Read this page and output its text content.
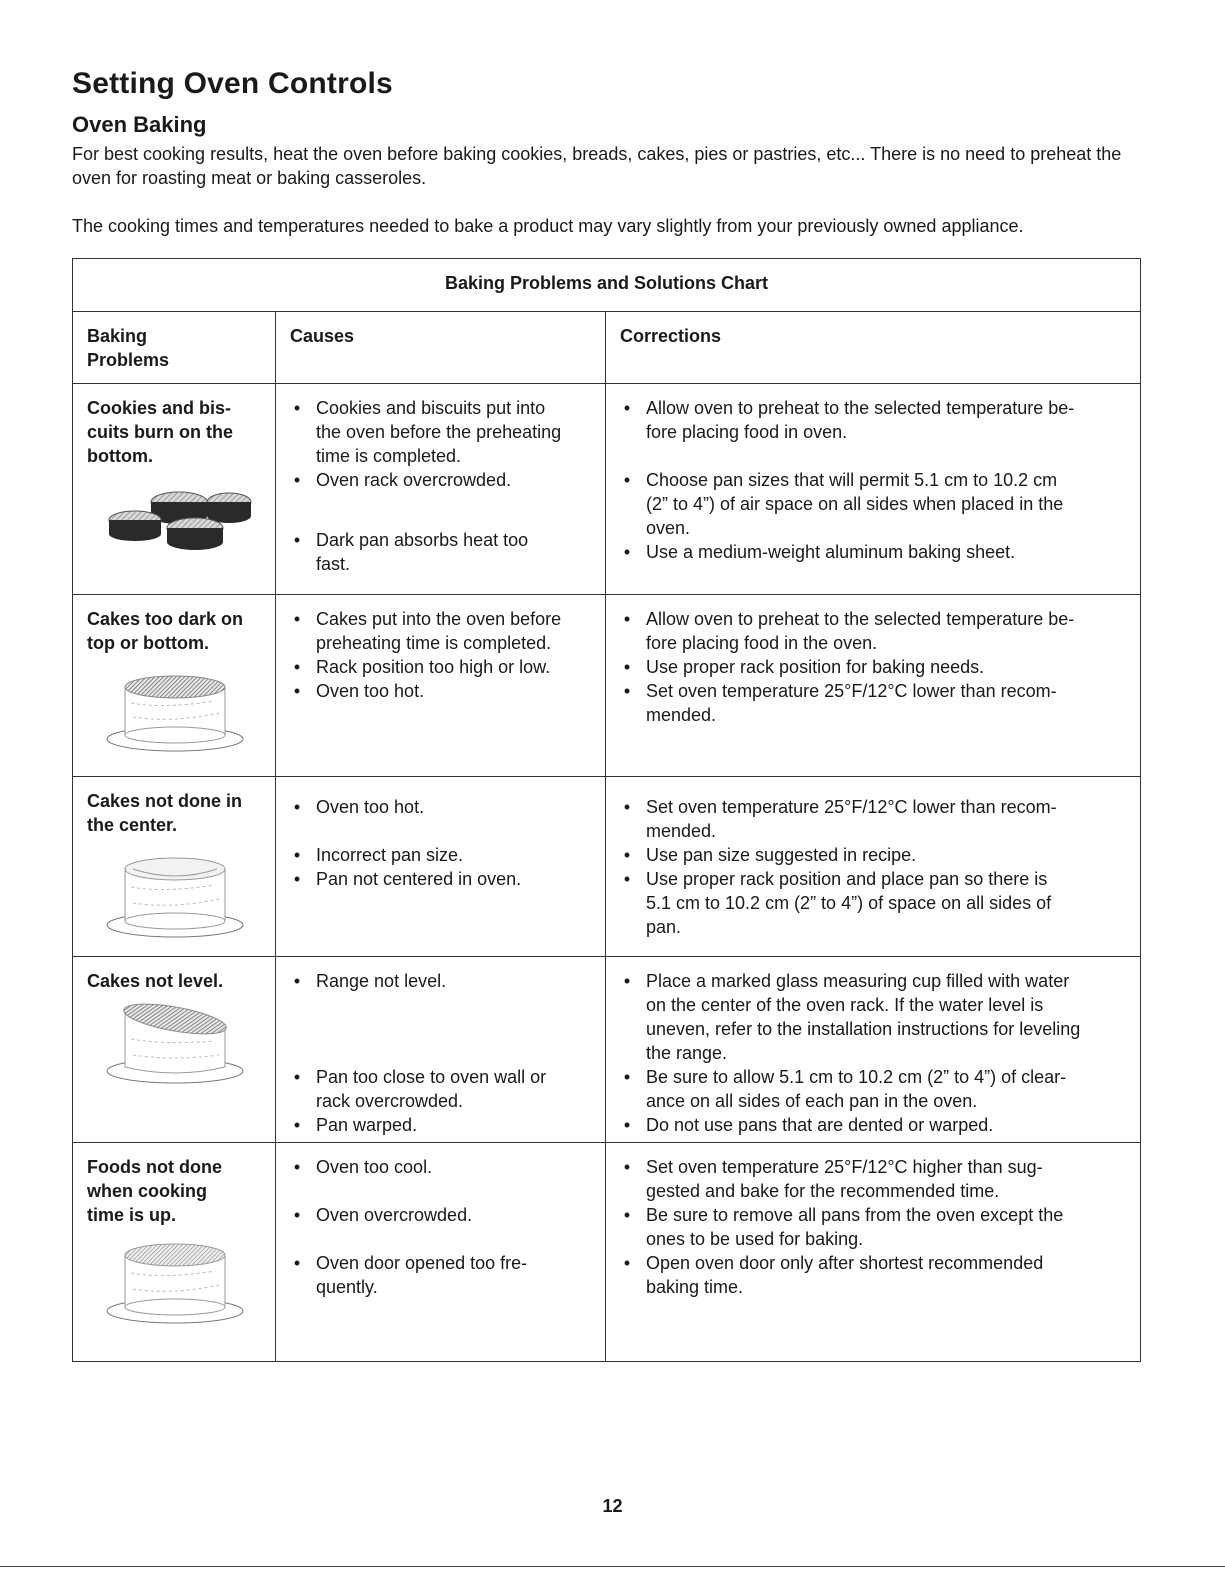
Setting Oven Controls
Oven Baking

For best cooking results, heat the oven before baking cookies, breads, cakes, pies or pastries, etc... There is no need to preheat the oven for roasting meat or baking casseroles.

The cooking times and temperatures needed to bake a product may vary slightly from your previously owned appliance.

Baking Problems and Solutions Chart
Baking
Problems
Causes	Corrections
Cookies and bis-
cuits burn on the
bottom.
• Cookies and biscuits put into
the oven before the preheating
time is completed.
• Oven rack overcrowded.
• Dark pan absorbs heat too
fast.
• Allow oven to preheat to the selected temperature be-
fore placing food in oven.
• Choose pan sizes that will permit 5.1 cm to 10.2 cm
(2” to 4”) of air space on all sides when placed in the
oven.
• Use a medium-weight aluminum baking sheet.
Cakes too dark on
top or bottom.
• Cakes put into the oven before
preheating time is completed.
• Rack position too high or low.
• Oven too hot.
• Allow oven to preheat to the selected temperature be-
fore placing food in the oven.
• Use proper rack position for baking needs.
• Set oven temperature 25°F/12°C lower than recom-
mended.
Cakes not done in
the center.
• Oven too hot.
• Incorrect pan size.
• Pan not centered in oven.
• Set oven temperature 25°F/12°C lower than recom-
mended.
• Use pan size suggested in recipe.
• Use proper rack position and place pan so there is
5.1 cm to 10.2 cm (2” to 4”) of space on all sides of
pan.
Cakes not level.
•	Range not level.
• Pan too close to oven wall or
rack overcrowded.
• Pan warped.
• Place a marked glass measuring cup filled with water
on the center of the oven rack. If the water level is
uneven, refer to the installation instructions for leveling
the range.
• Be sure to allow 5.1 cm to 10.2 cm (2” to 4”) of clear-
ance on all sides of each pan in the oven.
• Do not use pans that are dented or warped.
Foods not done
when cooking
time is up.
• Oven too cool.
• Oven overcrowded.
• Oven door opened too fre-
quently.
• Set oven temperature 25°F/12°C higher than sug-
gested and bake for the recommended time.
• Be sure to remove all pans from the oven except the
ones to be used for baking.
• Open oven door only after shortest recommended
baking time.
12
